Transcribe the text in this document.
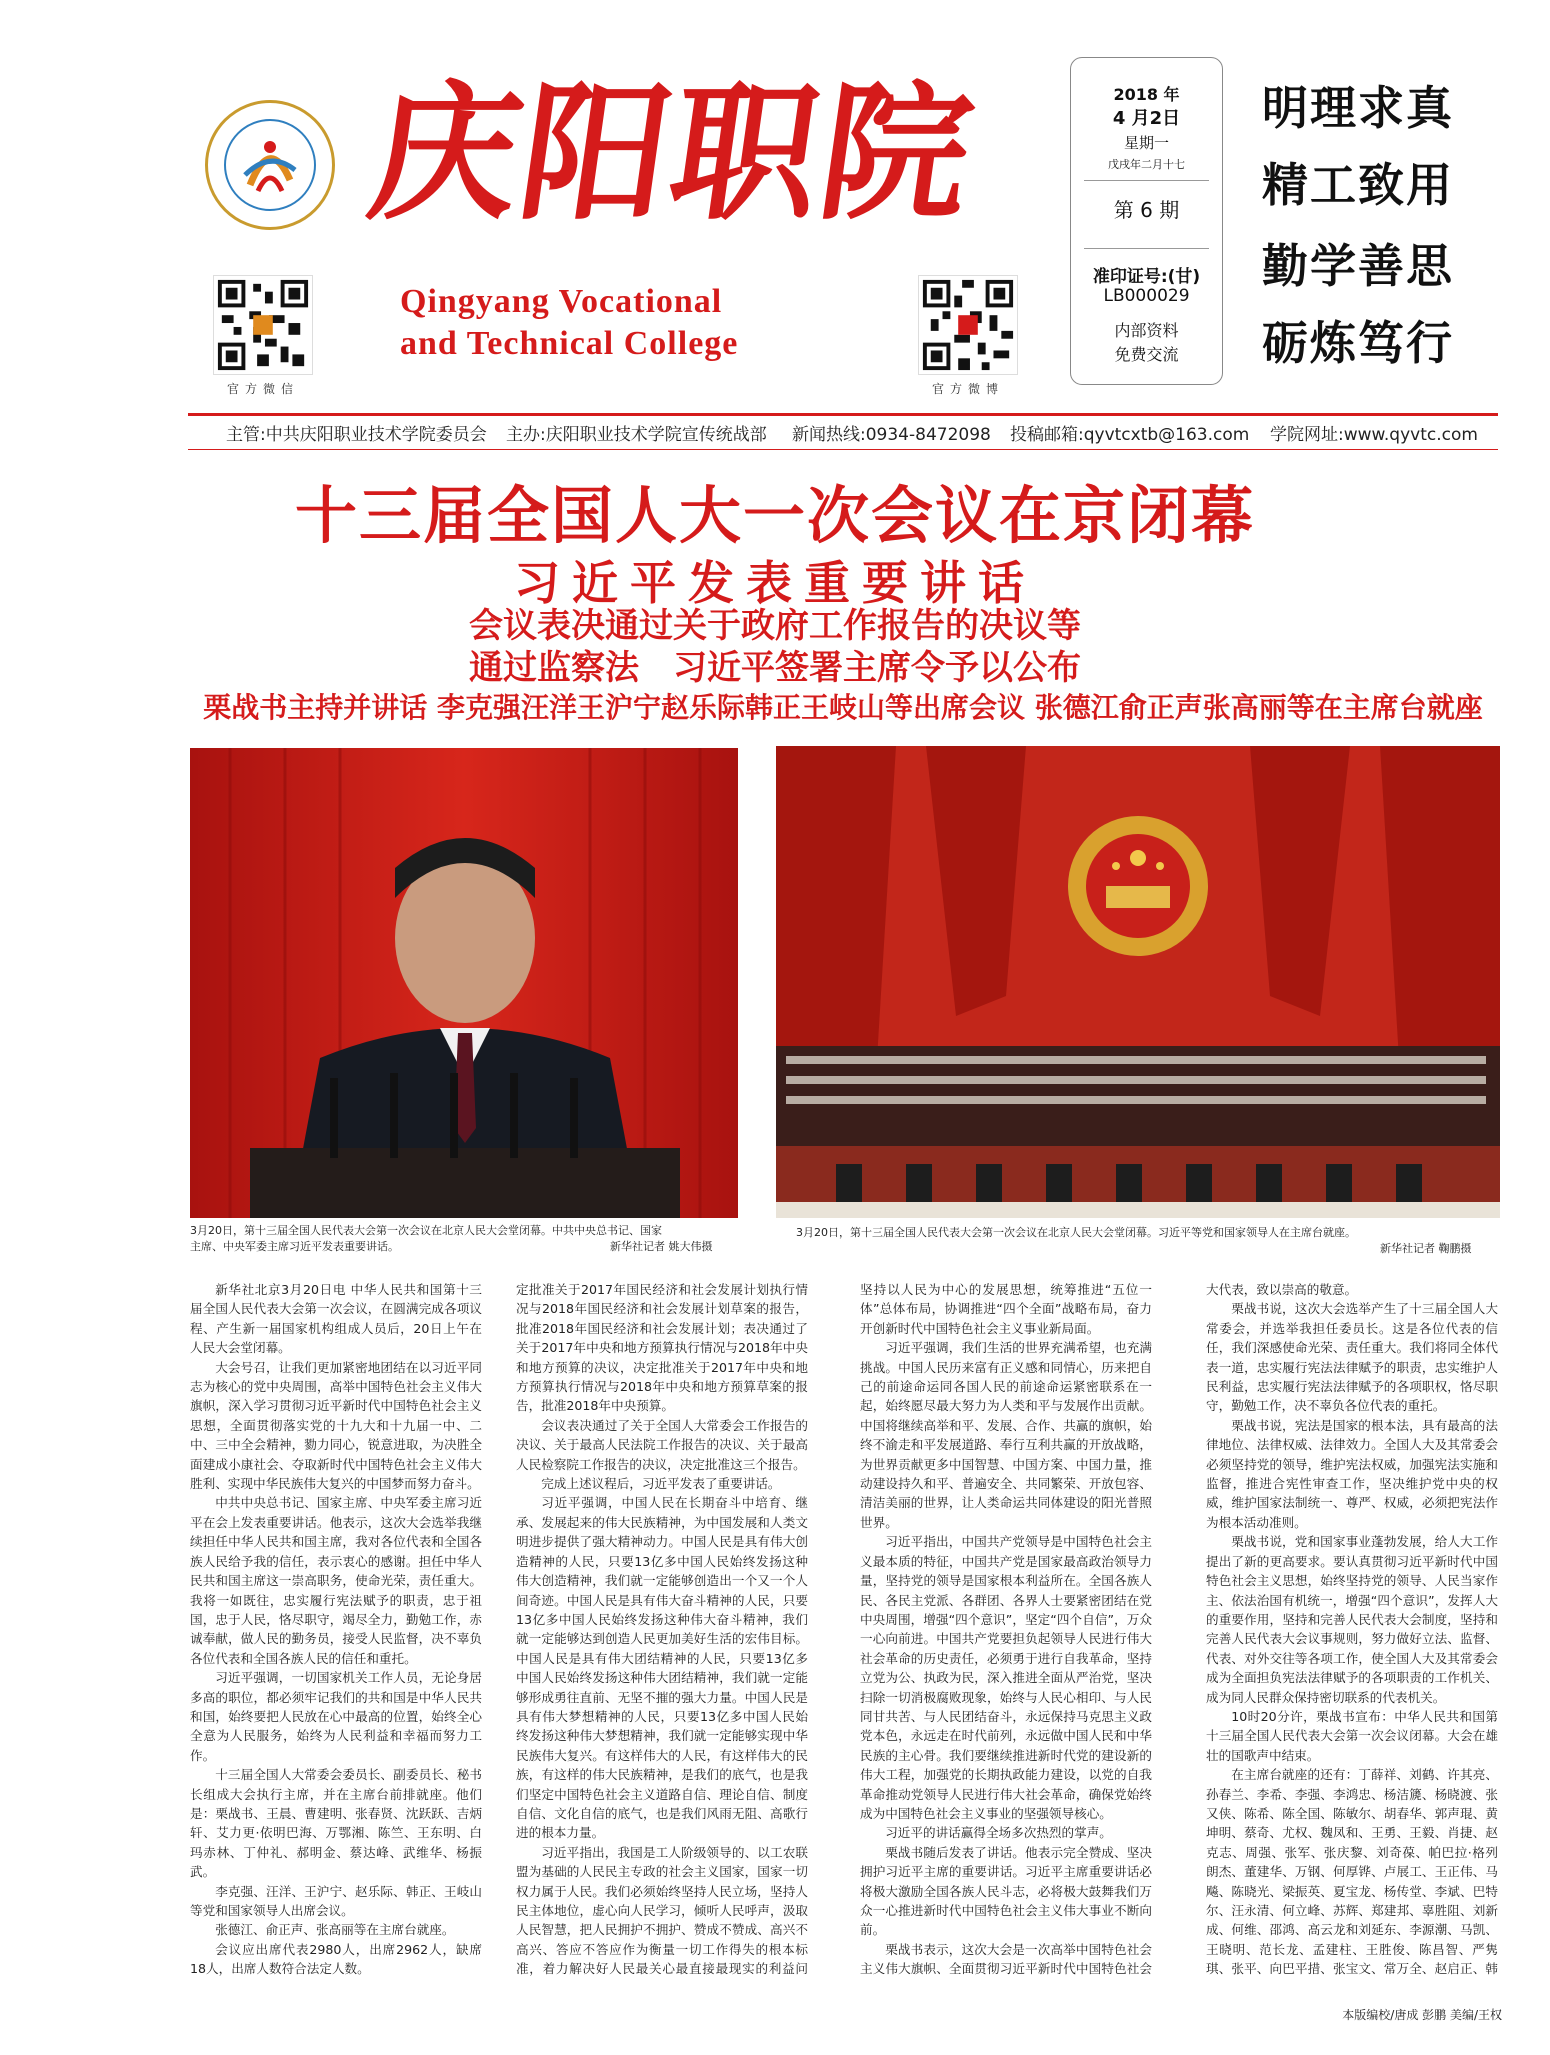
庆阳职院
Qingyang Vocational
and Technical College
官方微信	官方微博
2018 年
4 月2日
星期一
戊戌年二月十七
第 6 期
准印证号:(甘)
LB000029
内部资料
免费交流
明理求真
精工致用
勤学善思
砺炼笃行
主管:中共庆阳职业技术学院委员会 主办:庆阳职业技术学院宣传统战部 新闻热线:0934-8472098 投稿邮箱:qyvtcxtb@163.com 学院网址:www.qyvtc.com
十三届全国人大一次会议在京闭幕
习近平发表重要讲话
会议表决通过关于政府工作报告的决议等
通过监察法　习近平签署主席令予以公布
栗战书主持并讲话 李克强汪洋王沪宁赵乐际韩正王岐山等出席会议 张德江俞正声张高丽等在主席台就座
3月20日，第十三届全国人民代表大会第一次会议在北京人民大会堂闭幕。中共中央总书记、国家
主席、中央军委主席习近平发表重要讲话。	新华社记者 姚大伟摄
3月20日，第十三届全国人民代表大会第一次会议在北京人民大会堂闭幕。习近平等党和国家领导人在主席台就座。
新华社记者 鞠鹏摄

新华社北京3月20日电 中华人民共和国第十三届全国人民代表大会第一次会议，在圆满完成各项议程、产生新一届国家机构组成人员后，20日上午在人民大会堂闭幕。

大会号召，让我们更加紧密地团结在以习近平同志为核心的党中央周围，高举中国特色社会主义伟大旗帜，深入学习贯彻习近平新时代中国特色社会主义思想，全面贯彻落实党的十九大和十九届一中、二中、三中全会精神，勠力同心，锐意进取，为决胜全面建成小康社会、夺取新时代中国特色社会主义伟大胜利、实现中华民族伟大复兴的中国梦而努力奋斗。

中共中央总书记、国家主席、中央军委主席习近平在会上发表重要讲话。他表示，这次大会选举我继续担任中华人民共和国主席，我对各位代表和全国各族人民给予我的信任，表示衷心的感谢。担任中华人民共和国主席这一崇高职务，使命光荣，责任重大。我将一如既往，忠实履行宪法赋予的职责，忠于祖国，忠于人民，恪尽职守，竭尽全力，勤勉工作，赤诚奉献，做人民的勤务员，接受人民监督，决不辜负各位代表和全国各族人民的信任和重托。

习近平强调，一切国家机关工作人员，无论身居多高的职位，都必须牢记我们的共和国是中华人民共和国，始终要把人民放在心中最高的位置，始终全心全意为人民服务，始终为人民利益和幸福而努力工作。

十三届全国人大常委会委员长、副委员长、秘书长组成大会执行主席，并在主席台前排就座。他们是：栗战书、王晨、曹建明、张春贤、沈跃跃、吉炳轩、艾力更·依明巴海、万鄂湘、陈竺、王东明、白玛赤林、丁仲礼、郝明金、蔡达峰、武维华、杨振武。

李克强、汪洋、王沪宁、赵乐际、韩正、王岐山等党和国家领导人出席会议。

张德江、俞正声、张高丽等在主席台就座。

会议应出席代表2980人，出席2962人，缺席18人，出席人数符合法定人数。

定批准关于2017年国民经济和社会发展计划执行情况与2018年国民经济和社会发展计划草案的报告，批准2018年国民经济和社会发展计划；表决通过了关于2017年中央和地方预算执行情况与2018年中央和地方预算的决议，决定批准关于2017年中央和地方预算执行情况与2018年中央和地方预算草案的报告，批准2018年中央预算。

会议表决通过了关于全国人大常委会工作报告的决议、关于最高人民法院工作报告的决议、关于最高人民检察院工作报告的决议，决定批准这三个报告。

完成上述议程后，习近平发表了重要讲话。

习近平强调，中国人民在长期奋斗中培育、继承、发展起来的伟大民族精神，为中国发展和人类文明进步提供了强大精神动力。中国人民是具有伟大创造精神的人民，只要13亿多中国人民始终发扬这种伟大创造精神，我们就一定能够创造出一个又一个人间奇迹。中国人民是具有伟大奋斗精神的人民，只要13亿多中国人民始终发扬这种伟大奋斗精神，我们就一定能够达到创造人民更加美好生活的宏伟目标。中国人民是具有伟大团结精神的人民，只要13亿多中国人民始终发扬这种伟大团结精神，我们就一定能够形成勇往直前、无坚不摧的强大力量。中国人民是具有伟大梦想精神的人民，只要13亿多中国人民始终发扬这种伟大梦想精神，我们就一定能够实现中华民族伟大复兴。有这样伟大的人民，有这样伟大的民族，有这样的伟大民族精神，是我们的底气，也是我们坚定中国特色社会主义道路自信、理论自信、制度自信、文化自信的底气，也是我们风雨无阻、高歌行进的根本力量。

习近平指出，我国是工人阶级领导的、以工农联盟为基础的人民民主专政的社会主义国家，国家一切权力属于人民。我们必须始终坚持人民立场，坚持人民主体地位，虚心向人民学习，倾听人民呼声，汲取人民智慧，把人民拥护不拥护、赞成不赞成、高兴不高兴、答应不答应作为衡量一切工作得失的根本标准，着力解决好人民最关心最直接最现实的利益问

坚持以人民为中心的发展思想，统筹推进“五位一体”总体布局，协调推进“四个全面”战略布局，奋力开创新时代中国特色社会主义事业新局面。

习近平强调，我们生活的世界充满希望，也充满挑战。中国人民历来富有正义感和同情心，历来把自己的前途命运同各国人民的前途命运紧密联系在一起，始终愿尽最大努力为人类和平与发展作出贡献。中国将继续高举和平、发展、合作、共赢的旗帜，始终不渝走和平发展道路、奉行互利共赢的开放战略，为世界贡献更多中国智慧、中国方案、中国力量，推动建设持久和平、普遍安全、共同繁荣、开放包容、清洁美丽的世界，让人类命运共同体建设的阳光普照世界。

习近平指出，中国共产党领导是中国特色社会主义最本质的特征，中国共产党是国家最高政治领导力量，坚持党的领导是国家根本利益所在。全国各族人民、各民主党派、各群团、各界人士要紧密团结在党中央周围，增强“四个意识”，坚定“四个自信”，万众一心向前进。中国共产党要担负起领导人民进行伟大社会革命的历史责任，必须勇于进行自我革命，坚持立党为公、执政为民，深入推进全面从严治党，坚决扫除一切消极腐败现象，始终与人民心相印、与人民同甘共苦、与人民团结奋斗，永远保持马克思主义政党本色，永远走在时代前列，永远做中国人民和中华民族的主心骨。我们要继续推进新时代党的建设新的伟大工程，加强党的长期执政能力建设，以党的自我革命推动党领导人民进行伟大社会革命，确保党始终成为中国特色社会主义事业的坚强领导核心。

习近平的讲话赢得全场多次热烈的掌声。

栗战书随后发表了讲话。他表示完全赞成、坚决拥护习近平主席的重要讲话。习近平主席重要讲话必将极大激励全国各族人民斗志，必将极大鼓舞我们万众一心推进新时代中国特色社会主义伟大事业不断向前。

栗战书表示，这次大会是一次高举中国特色社会主义伟大旗帜、全面贯彻习近平新时代中国特色社会

大代表，致以崇高的敬意。

栗战书说，这次大会选举产生了十三届全国人大常委会，并选举我担任委员长。这是各位代表的信任，我们深感使命光荣、责任重大。我们将同全体代表一道，忠实履行宪法法律赋予的职责，忠实维护人民利益，忠实履行宪法法律赋予的各项职权，恪尽职守，勤勉工作，决不辜负各位代表的重托。

栗战书说，宪法是国家的根本法，具有最高的法律地位、法律权威、法律效力。全国人大及其常委会必须坚持党的领导，维护宪法权威，加强宪法实施和监督，推进合宪性审查工作，坚决维护党中央的权威，维护国家法制统一、尊严、权威，必须把宪法作为根本活动准则。

栗战书说，党和国家事业蓬勃发展，给人大工作提出了新的更高要求。要认真贯彻习近平新时代中国特色社会主义思想，始终坚持党的领导、人民当家作主、依法治国有机统一，增强“四个意识”，发挥人大的重要作用，坚持和完善人民代表大会制度，坚持和完善人民代表大会议事规则，努力做好立法、监督、代表、对外交往等各项工作，使全国人大及其常委会成为全面担负宪法法律赋予的各项职责的工作机关、成为同人民群众保持密切联系的代表机关。

10时20分许，栗战书宣布：中华人民共和国第十三届全国人民代表大会第一次会议闭幕。大会在雄壮的国歌声中结束。

在主席台就座的还有：丁薛祥、刘鹤、许其亮、孙春兰、李希、李强、李鸿忠、杨洁篪、杨晓渡、张又侠、陈希、陈全国、陈敏尔、胡春华、郭声琨、黄坤明、蔡奇、尤权、魏凤和、王勇、王毅、肖捷、赵克志、周强、张军、张庆黎、刘奇葆、帕巴拉·格列朗杰、董建华、万钢、何厚铧、卢展工、王正伟、马飚、陈晓光、梁振英、夏宝龙、杨传堂、李斌、巴特尔、汪永清、何立峰、苏辉、郑建邦、辜胜阻、刘新成、何维、邵鸿、高云龙和刘延东、李源潮、马凯、王晓明、范长龙、孟建柱、王胜俊、陈昌智、严隽琪、张平、向巴平措、张宝文、常万全、赵启正、韩

本版编校/唐成 彭鹏 美编/王权
